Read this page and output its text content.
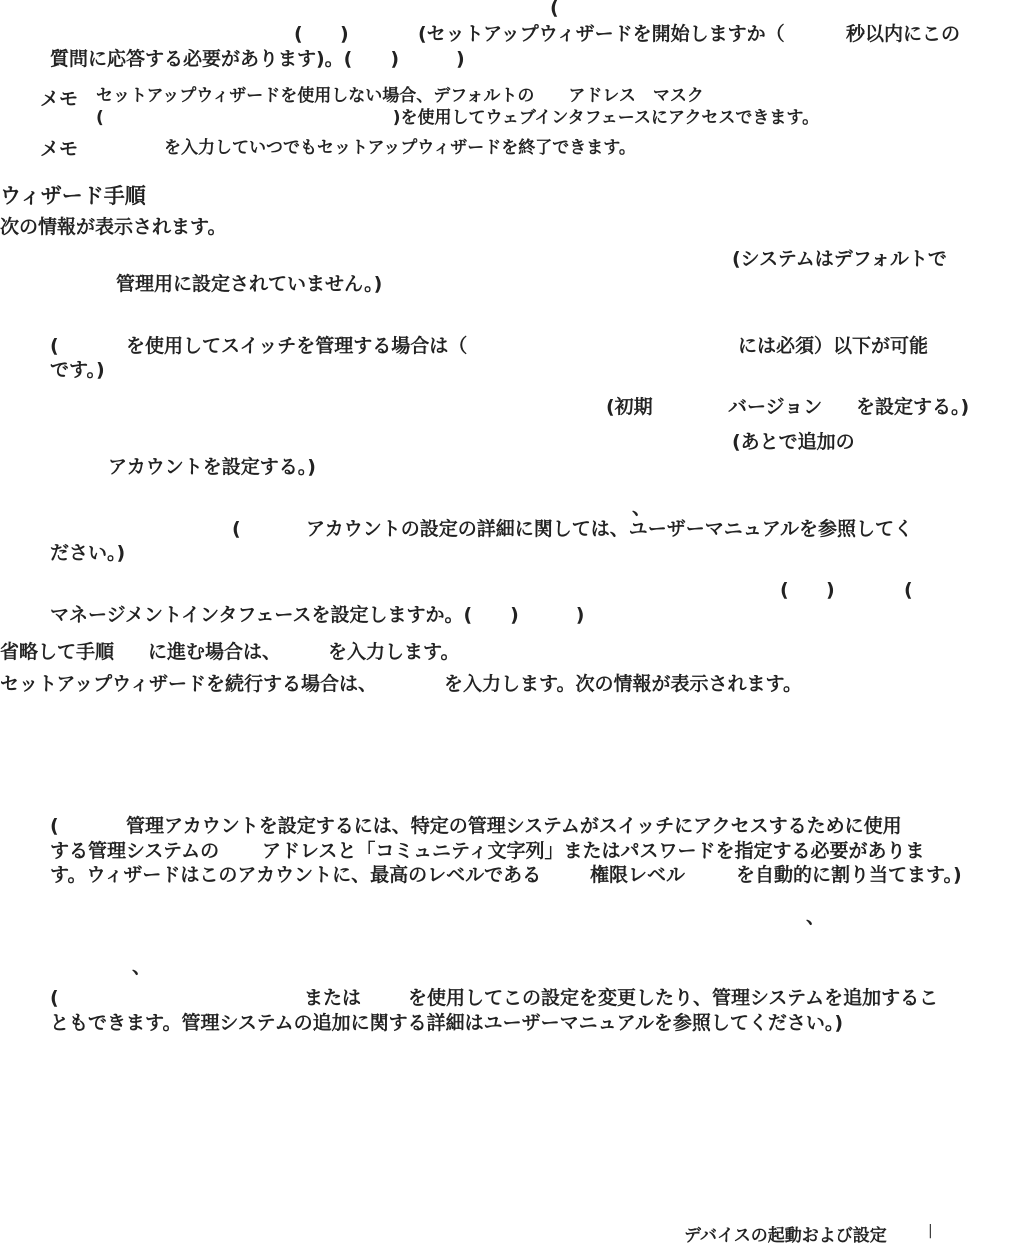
(
( )	(セットアップウィザードを開始しますか（	秒以内にこの
質問に応答する必要があります)。(　　)　　　)
メモ セットアップウィザードを使用しない場合、デフォルトの　　アドレス　マスク
(　　　　　　　　　　　　　　　　　)を使用してウェブインタフェースにアクセスできます。
メモ	を入力していつでもセットアップウィザードを終了できます。
ウィザード手順
次の情報が表示されます。
(システムはデフォルトで
管理用に設定されていません。)
(	を使用してスイッチを管理する場合は（	には必須）以下が可能
です。)
(初期	バージョン を設定する。)
(あとで追加の
アカウントを設定する。)
、
(	アカウントの設定の詳細に関しては、ユーザーマニュアルを参照してく
ださい。)
( )	(
マネージメントインタフェースを設定しますか。(　　)　　　)
省略して手順 に進む場合は、 を入力します。
セットアップウィザードを続行する場合は、	を入力します。次の情報が表示されます。
(	管理アカウントを設定するには、特定の管理システムがスイッチにアクセスするために使用
する管理システムの アドレスと「コミュニティ文字列」またはパスワードを指定する必要がありま
す。ウィザードはこのアカウントに、最高のレベルである	権限レベル	を自動的に割り当てます。)
、
、
(	または を使用してこの設定を変更したり、管理システムを追加するこ
ともできます。管理システムの追加に関する詳細はユーザーマニュアルを参照してください。)
デバイスの起動および設定	|
